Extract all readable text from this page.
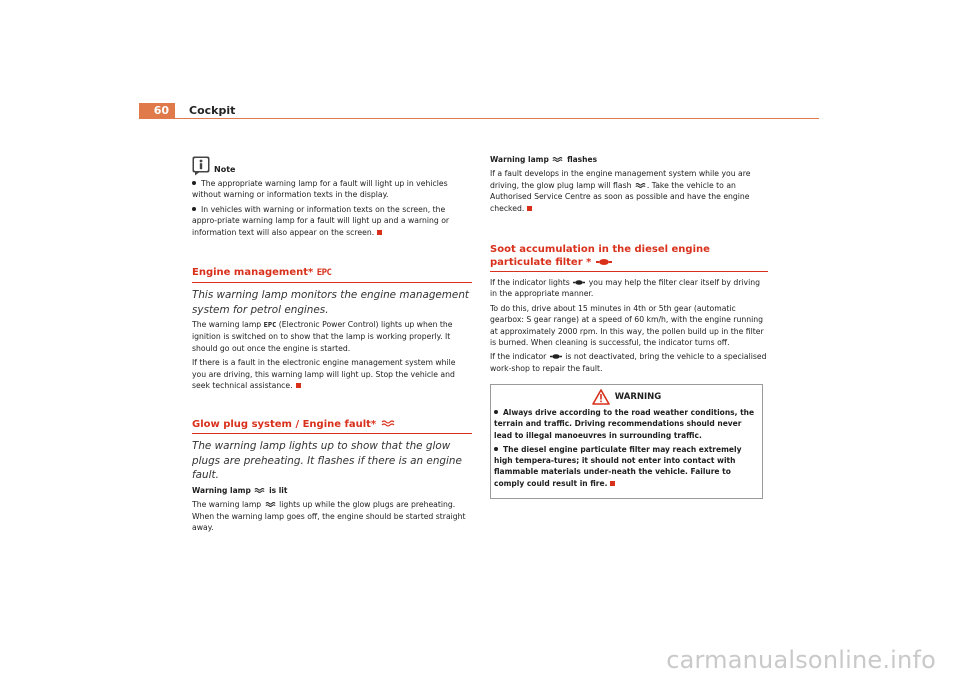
60	Cockpit
Note

The appropriate warning lamp for a fault will light up in vehicles without warning or information texts in the display.

In vehicles with warning or information texts on the screen, the appro-priate warning lamp for a fault will light up and a warning or information text will also appear on the screen.

Engine management* EPC

This warning lamp monitors the engine management system for petrol engines.

The warning lamp EPC (Electronic Power Control) lights up when the ignition is switched on to show that the lamp is working properly. It should go out once the engine is started.

If there is a fault in the electronic engine management system while you are driving, this warning lamp will light up. Stop the vehicle and seek technical assistance.

Glow plug system / Engine fault*

The warning lamp lights up to show that the glow plugs are preheating. It flashes if there is an engine fault.

Warning lamp is lit

The warning lamp lights up while the glow plugs are preheating. When the warning lamp goes off, the engine should be started straight away.

Warning lamp flashes

If a fault develops in the engine management system while you are driving, the glow plug lamp will flash . Take the vehicle to an Authorised Service Centre as soon as possible and have the engine checked.

Soot accumulation in the diesel engine particulate filter *

If the indicator lights you may help the filter clear itself by driving in the appropriate manner.

To do this, drive about 15 minutes in 4th or 5th gear (automatic gearbox: S gear range) at a speed of 60 km/h, with the engine running at approximately 2000 rpm. In this way, the pollen build up in the filter is burned. When cleaning is successful, the indicator turns off.

If the indicator is not deactivated, bring the vehicle to a specialised work-shop to repair the fault.

WARNING

Always drive according to the road weather conditions, the terrain and traffic. Driving recommendations should never lead to illegal manoeuvres in surrounding traffic.

The diesel engine particulate filter may reach extremely high tempera-tures; it should not enter into contact with flammable materials under-neath the vehicle. Failure to comply could result in fire.

carmanualsonline.info
